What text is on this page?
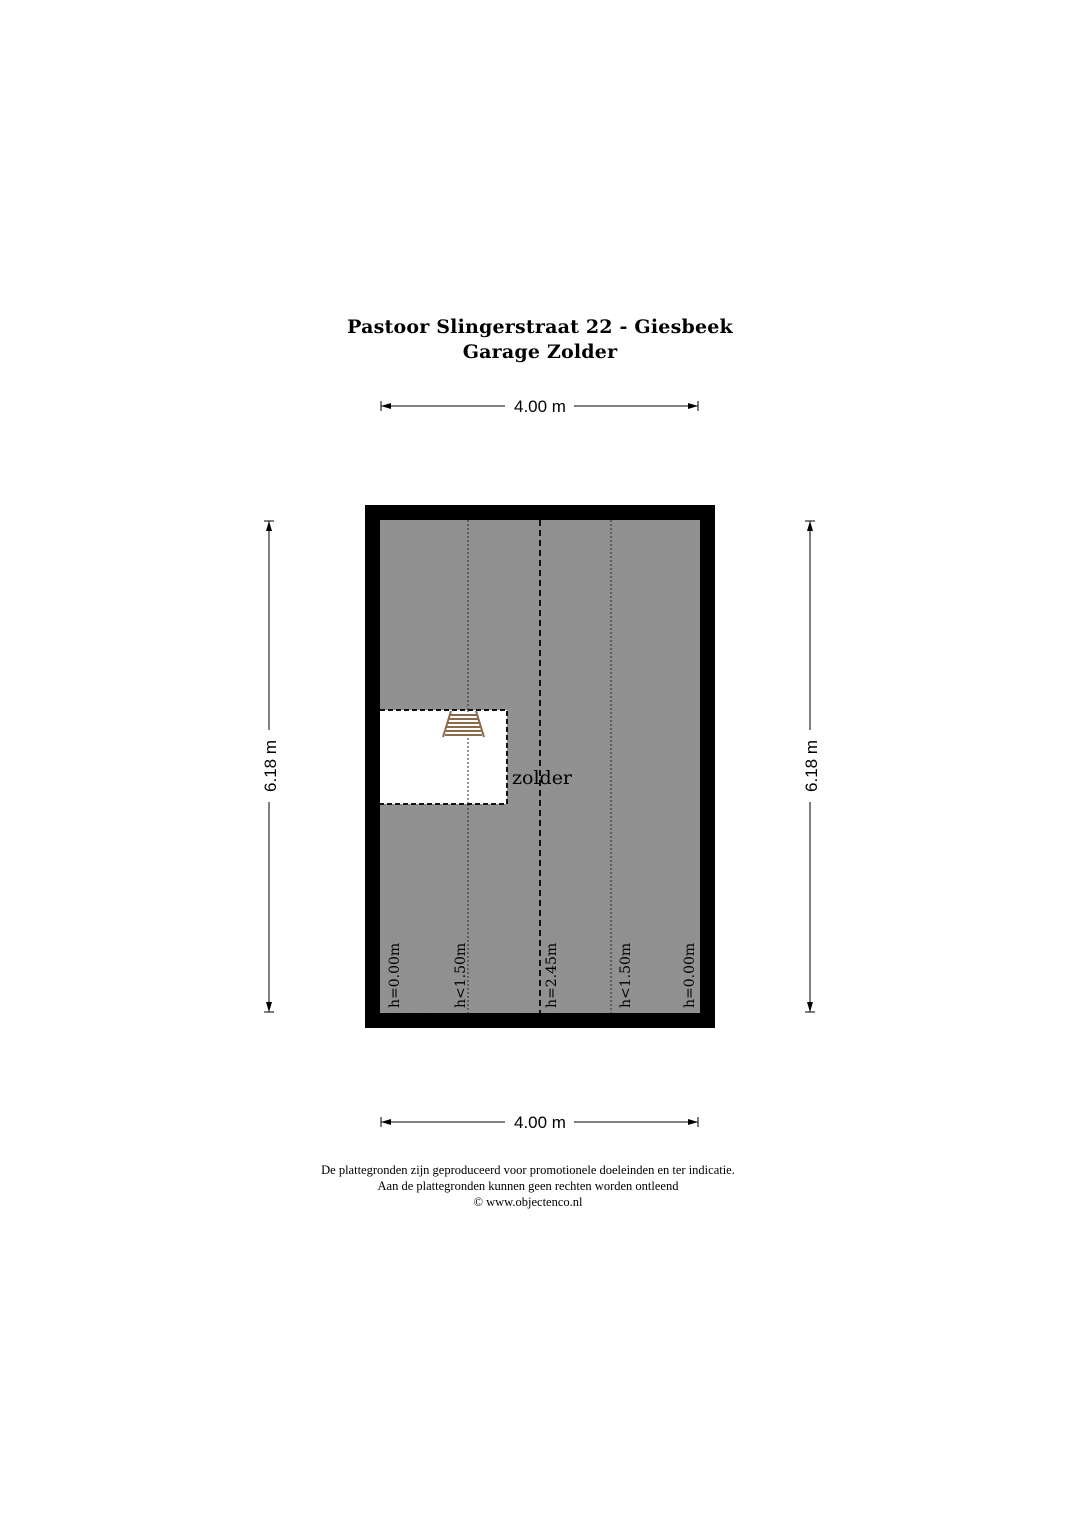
Pastoor Slingerstraat 22 - Giesbeek
Garage Zolder
4.00 m
4.00 m
6.18 m	6.18 m
zolder
h=0.00m	h<1.50m	h=2.45m	h<1.50m	h=0.00m
De plattegronden zijn geproduceerd voor promotionele doeleinden en ter indicatie.
Aan de plattegronden kunnen geen rechten worden ontleend
© www.objectenco.nl
